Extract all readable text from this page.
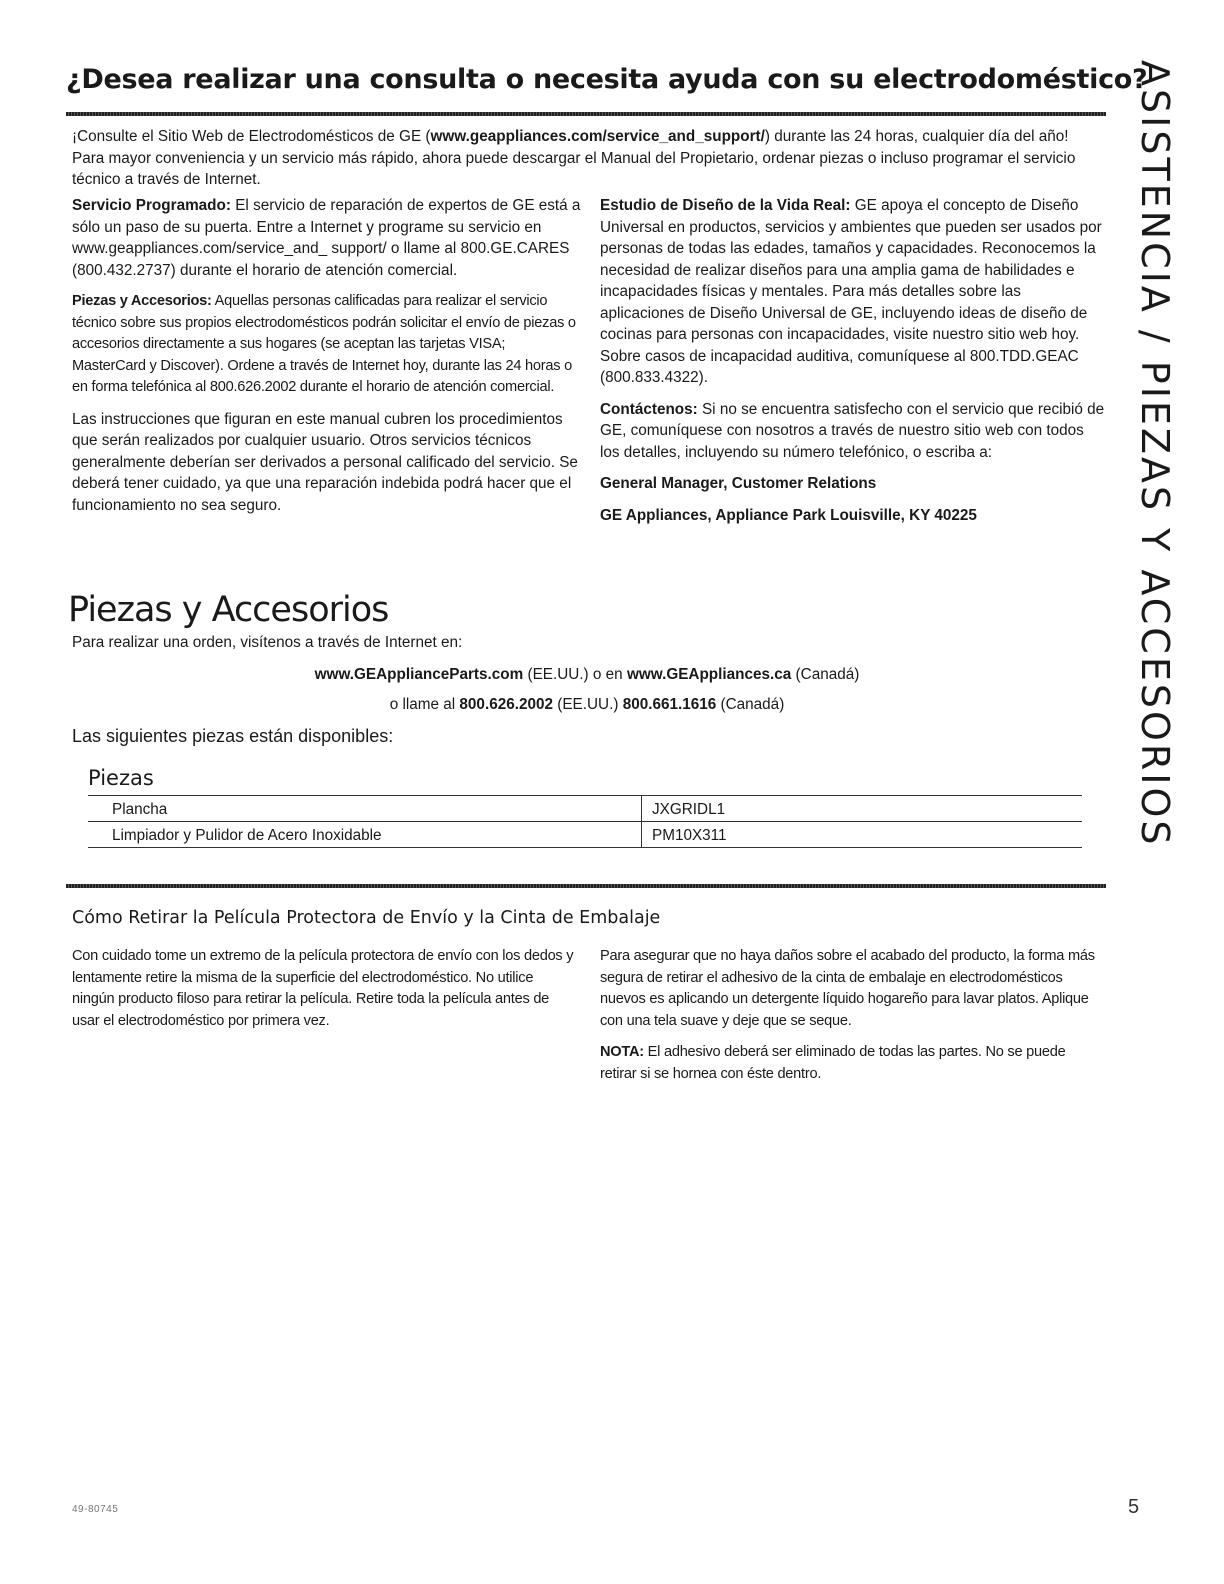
¿Desea realizar una consulta o necesita ayuda con su electrodoméstico?

¡Consulte el Sitio Web de Electrodomésticos de GE (www.geappliances.com/service_and_support/) durante las 24 horas, cualquier día del año! Para mayor conveniencia y un servicio más rápido, ahora puede descargar el Manual del Propietario, ordenar piezas o incluso programar el servicio técnico a través de Internet.

Servicio Programado: El servicio de reparación de expertos de GE está a sólo un paso de su puerta. Entre a Internet y programe su servicio en www.geappliances.com/service_and_ support/ o llame al 800.GE.CARES (800.432.2737) durante el horario de atención comercial.

Piezas y Accesorios: Aquellas personas calificadas para realizar el servicio técnico sobre sus propios electrodomésticos podrán solicitar el envío de piezas o accesorios directamente a sus hogares (se aceptan las tarjetas VISA; MasterCard y Discover). Ordene a través de Internet hoy, durante las 24 horas o en forma telefónica al 800.626.2002 durante el horario de atención comercial.

Las instrucciones que figuran en este manual cubren los procedimientos que serán realizados por cualquier usuario. Otros servicios técnicos generalmente deberían ser derivados a personal calificado del servicio. Se deberá tener cuidado, ya que una reparación indebida podrá hacer que el funcionamiento no sea seguro.

Estudio de Diseño de la Vida Real: GE apoya el concepto de Diseño Universal en productos, servicios y ambientes que pueden ser usados por personas de todas las edades, tamaños y capacidades. Reconocemos la necesidad de realizar diseños para una amplia gama de habilidades e incapacidades físicas y mentales. Para más detalles sobre las aplicaciones de Diseño Universal de GE, incluyendo ideas de diseño de cocinas para personas con incapacidades, visite nuestro sitio web hoy. Sobre casos de incapacidad auditiva, comuníquese al 800.TDD.GEAC (800.833.4322).

Contáctenos: Si no se encuentra satisfecho con el servicio que recibió de GE, comuníquese con nosotros a través de nuestro sitio web con todos los detalles, incluyendo su número telefónico, o escriba a:

General Manager, Customer Relations

GE Appliances, Appliance Park Louisville, KY 40225

Piezas y Accesorios
Para realizar una orden, visítenos a través de Internet en:
www.GEApplianceParts.com (EE.UU.) o en www.GEAppliances.ca (Canadá)
o llame al 800.626.2002 (EE.UU.) 800.661.1616 (Canadá)
Las siguientes piezas están disponibles:
Piezas
Plancha	JXGRIDL1
Limpiador y Pulidor de Acero Inoxidable	PM10X311
Cómo Retirar la Película Protectora de Envío y la Cinta de Embalaje

Con cuidado tome un extremo de la película protectora de envío con los dedos y lentamente retire la misma de la superficie del electrodoméstico. No utilice ningún producto filoso para retirar la película. Retire toda la película antes de usar el electrodoméstico por primera vez.

Para asegurar que no haya daños sobre el acabado del producto, la forma más segura de retirar el adhesivo de la cinta de embalaje en electrodomésticos nuevos es aplicando un detergente líquido hogareño para lavar platos. Aplique con una tela suave y deje que se seque.

NOTA: El adhesivo deberá ser eliminado de todas las partes. No se puede retirar si se hornea con éste dentro.

ASISTENCIA / PIEZAS Y ACCESORIOS
49-80745	5
